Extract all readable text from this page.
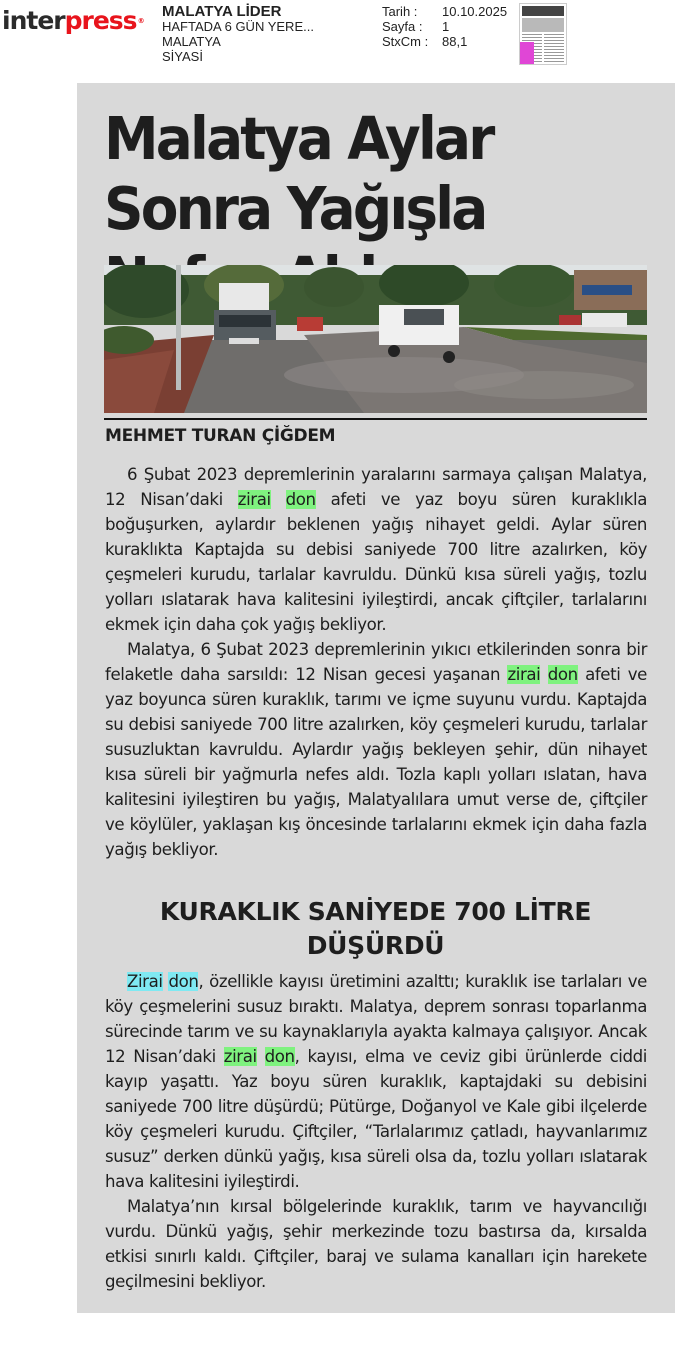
interpress®
MALATYA LİDER
HAFTADA 6 GÜN YERE...
MALATYA
SİYASİ
Tarih :	10.10.2025
Sayfa :	1
StxCm :	88,1
Malatya Aylar Sonra Yağışla
MEHMET TURAN ÇİĞDEM

6 Şubat 2023 depremlerinin yaralarını sarmaya çalışan Malatya, 12 Nisan’daki zirai don afeti ve yaz boyu süren kuraklıkla boğuşurken, aylardır beklenen yağış nihayet geldi. Aylar süren kuraklıkta Kaptajda su debisi saniyede 700 litre azalırken, köy çeşmeleri kurudu, tarlalar kavruldu. Dünkü kısa süreli yağış, tozlu yolları ıslatarak hava kalitesini iyileştirdi, ancak çiftçiler, tarlalarını ekmek için daha çok yağış bekliyor.

Malatya, 6 Şubat 2023 depremlerinin yıkıcı etkilerinden sonra bir felaketle daha sarsıldı: 12 Nisan gecesi yaşanan zirai don afeti ve yaz boyunca süren kuraklık, tarımı ve içme suyunu vurdu. Kaptajda su debisi saniyede 700 litre azalırken, köy çeşmeleri kurudu, tarlalar susuzluktan kavruldu. Aylardır yağış bekleyen şehir, dün nihayet kısa süreli bir yağmurla nefes aldı. Tozla kaplı yolları ıslatan, hava kalitesini iyileştiren bu yağış, Malatyalılara umut verse de, çiftçiler ve köylüler, yaklaşan kış öncesinde tarlalarını ekmek için daha fazla yağış bekliyor.

KURAKLIK SANİYEDE 700 LİTRE DÜŞÜRDÜ

Zirai don, özellikle kayısı üretimini azalttı; kuraklık ise tarlaları ve köy çeşmelerini susuz bıraktı. Malatya, deprem sonrası toparlanma sürecinde tarım ve su kaynaklarıyla ayakta kalmaya çalışıyor. Ancak 12 Nisan’daki zirai don, kayısı, elma ve ceviz gibi ürünlerde ciddi kayıp yaşattı. Yaz boyu süren kuraklık, kaptajdaki su debisini saniyede 700 litre düşürdü; Pütürge, Doğanyol ve Kale gibi ilçelerde köy çeşmeleri kurudu. Çiftçiler, “Tarlalarımız çatladı, hayvanlarımız susuz” derken dünkü yağış, kısa süreli olsa da, tozlu yolları ıslatarak hava kalitesini iyileştirdi.

Malatya’nın kırsal bölgelerinde kuraklık, tarım ve hayvancılığı vurdu. Dünkü yağış, şehir merkezinde tozu bastırsa da, kırsalda etkisi sınırlı kaldı. Çiftçiler, baraj ve sulama kanalları için harekete geçilmesini bekliyor.
